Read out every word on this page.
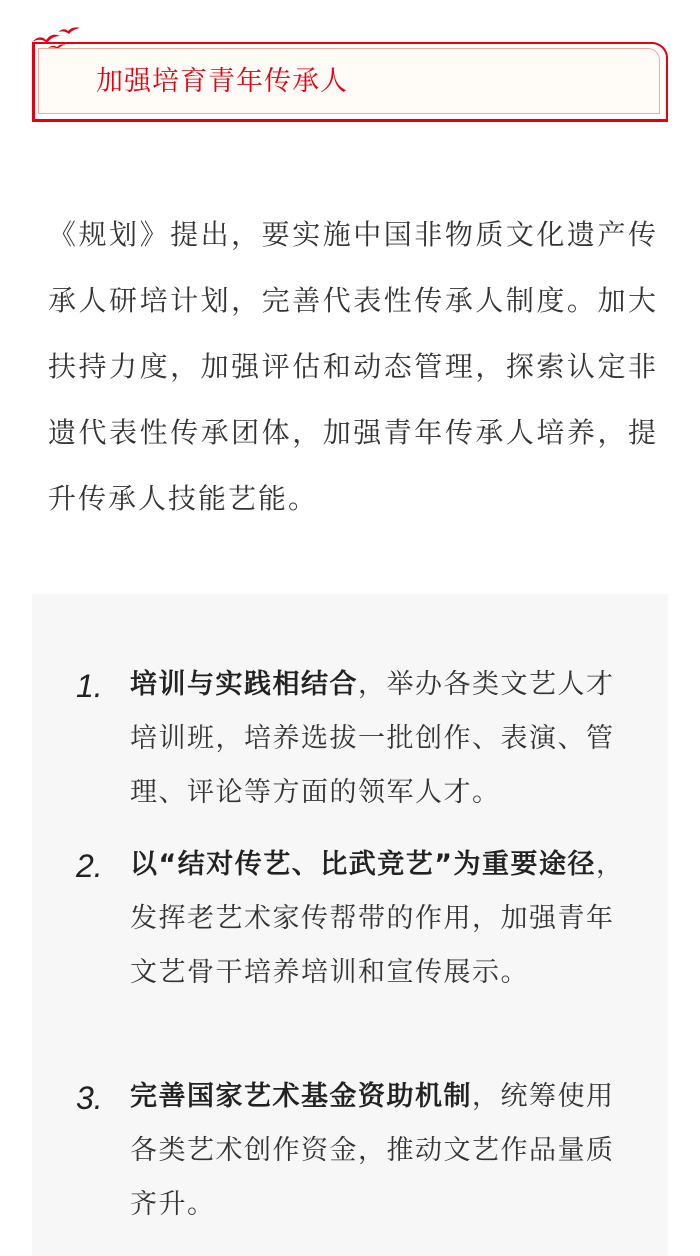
加强培育青年传承人

《规划》提出，要实施中国非物质文化遗产传承人研培计划，完善代表性传承人制度。加大扶持力度，加强评估和动态管理，探索认定非遗代表性传承团体，加强青年传承人培养，提升传承人技能艺能。

1. 培训与实践相结合，举办各类文艺人才培训班，培养选拔一批创作、表演、管理、评论等方面的领军人才。

2. 以“结对传艺、比武竞艺”为重要途径，发挥老艺术家传帮带的作用，加强青年文艺骨干培养培训和宣传展示。

3. 完善国家艺术基金资助机制，统筹使用各类艺术创作资金，推动文艺作品量质齐升。
